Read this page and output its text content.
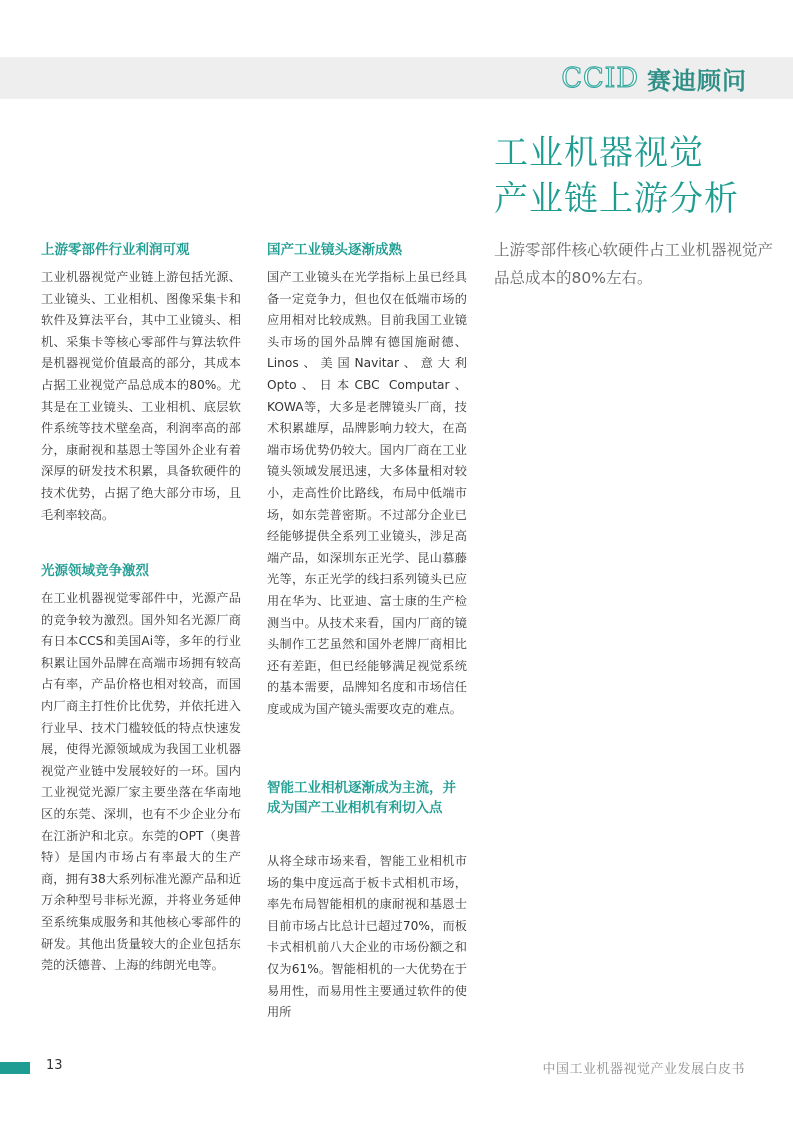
CCID 赛迪顾问
工业机器视觉
产业链上游分析

上游零部件核心软硬件占工业机器视觉产品总成本的80%左右。

上游零部件行业利润可观

工业机器视觉产业链上游包括光源、工业镜头、工业相机、图像采集卡和软件及算法平台，其中工业镜头、相机、采集卡等核心零部件与算法软件是机器视觉价值最高的部分，其成本占据工业视觉产品总成本的80%。尤其是在工业镜头、工业相机、底层软件系统等技术壁垒高，利润率高的部分，康耐视和基恩士等国外企业有着深厚的研发技术积累，具备软硬件的技术优势，占据了绝大部分市场，且毛利率较高。

光源领域竞争激烈

在工业机器视觉零部件中，光源产品的竞争较为激烈。国外知名光源厂商有日本CCS和美国Ai等，多年的行业积累让国外品牌在高端市场拥有较高占有率，产品价格也相对较高，而国内厂商主打性价比优势，并依托进入行业早、技术门槛较低的特点快速发展，使得光源领域成为我国工业机器视觉产业链中发展较好的一环。国内工业视觉光源厂家主要坐落在华南地区的东莞、深圳，也有不少企业分布在江浙沪和北京。东莞的OPT（奥普特）是国内市场占有率最大的生产商，拥有38大系列标准光源产品和近万余种型号非标光源，并将业务延伸至系统集成服务和其他核心零部件的研发。其他出货量较大的企业包括东莞的沃德普、上海的纬朗光电等。

国产工业镜头逐渐成熟

国产工业镜头在光学指标上虽已经具备一定竞争力，但也仅在低端市场的应用相对比较成熟。目前我国工业镜头市场的国外品牌有德国施耐德、Linos、美国Navitar、意大利Opto、日本CBC Computar、KOWA等，大多是老牌镜头厂商，技术积累雄厚，品牌影响力较大，在高端市场优势仍较大。国内厂商在工业镜头领域发展迅速，大多体量相对较小，走高性价比路线，布局中低端市场，如东莞普密斯。不过部分企业已经能够提供全系列工业镜头，涉足高端产品，如深圳东正光学、昆山慕藤光等，东正光学的线扫系列镜头已应用在华为、比亚迪、富士康的生产检测当中。从技术来看，国内厂商的镜头制作工艺虽然和国外老牌厂商相比还有差距，但已经能够满足视觉系统的基本需要，品牌知名度和市场信任度或成为国产镜头需要攻克的难点。

智能工业相机逐渐成为主流，并成为国产工业相机有利切入点

从将全球市场来看，智能工业相机市场的集中度远高于板卡式相机市场，率先布局智能相机的康耐视和基恩士目前市场占比总计已超过70%，而板卡式相机前八大企业的市场份额之和仅为61%。智能相机的一大优势在于易用性，而易用性主要通过软件的使用所

13	中国工业机器视觉产业发展白皮书
